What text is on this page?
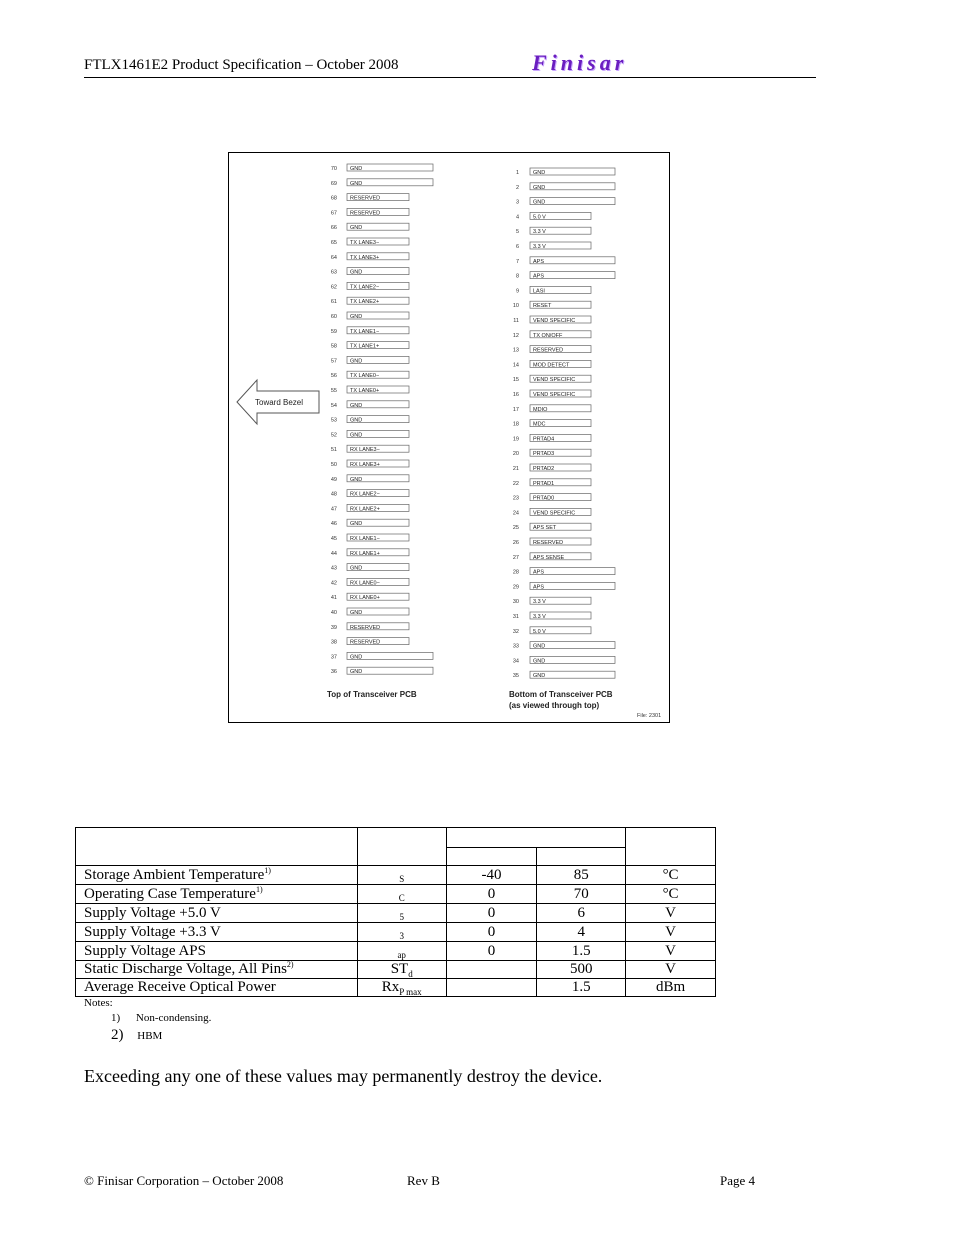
FTLX1461E2 Product Specification – October 2008	Finisar
Toward Bezel
70 GND
69 GND
68 RESERVED
67 RESERVED
66 GND
65 TX LANE3−
64 TX LANE3+
63 GND
62 TX LANE2−
61 TX LANE2+
60 GND
59 TX LANE1−
58 TX LANE1+
57 GND
56 TX LANE0−
55 TX LANE0+
54 GND
53 GND
52 GND
51 RX LANE3−
50 RX LANE3+
49 GND
48 RX LANE2−
47 RX LANE2+
46 GND
45 RX LANE1−
44 RX LANE1+
43 GND
42 RX LANE0−
41 RX LANE0+
40 GND
39 RESERVED
38 RESERVED
37 GND
36 GND
1	GND
2	GND
3	GND
4	5.0 V
5	3.3 V
6	3.3 V
7	APS
8	APS
9	LASI
10	RESET
11	VEND SPECIFIC
12	TX ON/OFF
13	RESERVED
14	MOD DETECT
15	VEND SPECIFIC
16	VEND SPECIFIC
17	MDIO
18	MDC
19	PRTAD4
20	PRTAD3
21	PRTAD2
22	PRTAD1
23	PRTAD0
24	VEND SPECIFIC
25	APS SET
26	RESERVED
27	APS SENSE
28	APS
29	APS
30	3.3 V
31	3.3 V
32	5.0 V
33	GND
34	GND
35	GND
Top of Transceiver PCB	Bottom of Transceiver PCB
(as viewed through top)
File: 2301

Storage Ambient Temperature$^{1)}$	$_S$	-40	85	°C
Operating Case Temperature$^{1)}$	$_C$	0	70	°C
Supply Voltage +5.0 V	$_5$	0	6	V
Supply Voltage +3.3 V	$_3$	0	4	V
Supply Voltage APS	$_{ap}$	0	1.5	V
Static Discharge Voltage, All Pins$^{2)}$	$ST_d$		500	V
Average Receive Optical Power	$Rx_{P max}$		1.5	dBm
Notes:
1) Non-condensing.
2) HBM
Exceeding any one of these values may permanently destroy the device.
© Finisar Corporation – October 2008	Rev B	Page 4
